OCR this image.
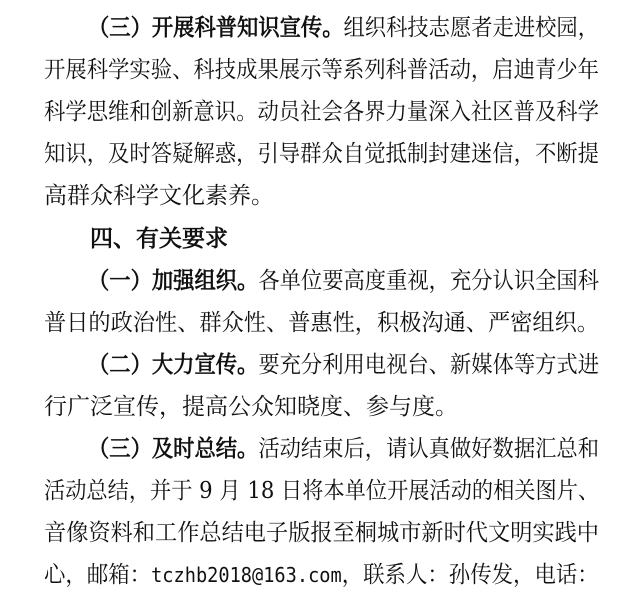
（三）开展科普知识宣传。组织科技志愿者走进校园，
开展科学实验、科技成果展示等系列科普活动，启迪青少年
科学思维和创新意识。动员社会各界力量深入社区普及科学
知识，及时答疑解惑，引导群众自觉抵制封建迷信，不断提
高群众科学文化素养。
四、有关要求
（一）加强组织。各单位要高度重视，充分认识全国科
普日的政治性、群众性、普惠性，积极沟通、严密组织。
（二）大力宣传。要充分利用电视台、新媒体等方式进
行广泛宣传，提高公众知晓度、参与度。
（三）及时总结。活动结束后，请认真做好数据汇总和
活动总结，并于 9 月 18 日将本单位开展活动的相关图片、
音像资料和工作总结电子版报至桐城市新时代文明实践中
心，邮箱：tczhb2018@163.com，联系人：孙传发，电话：
